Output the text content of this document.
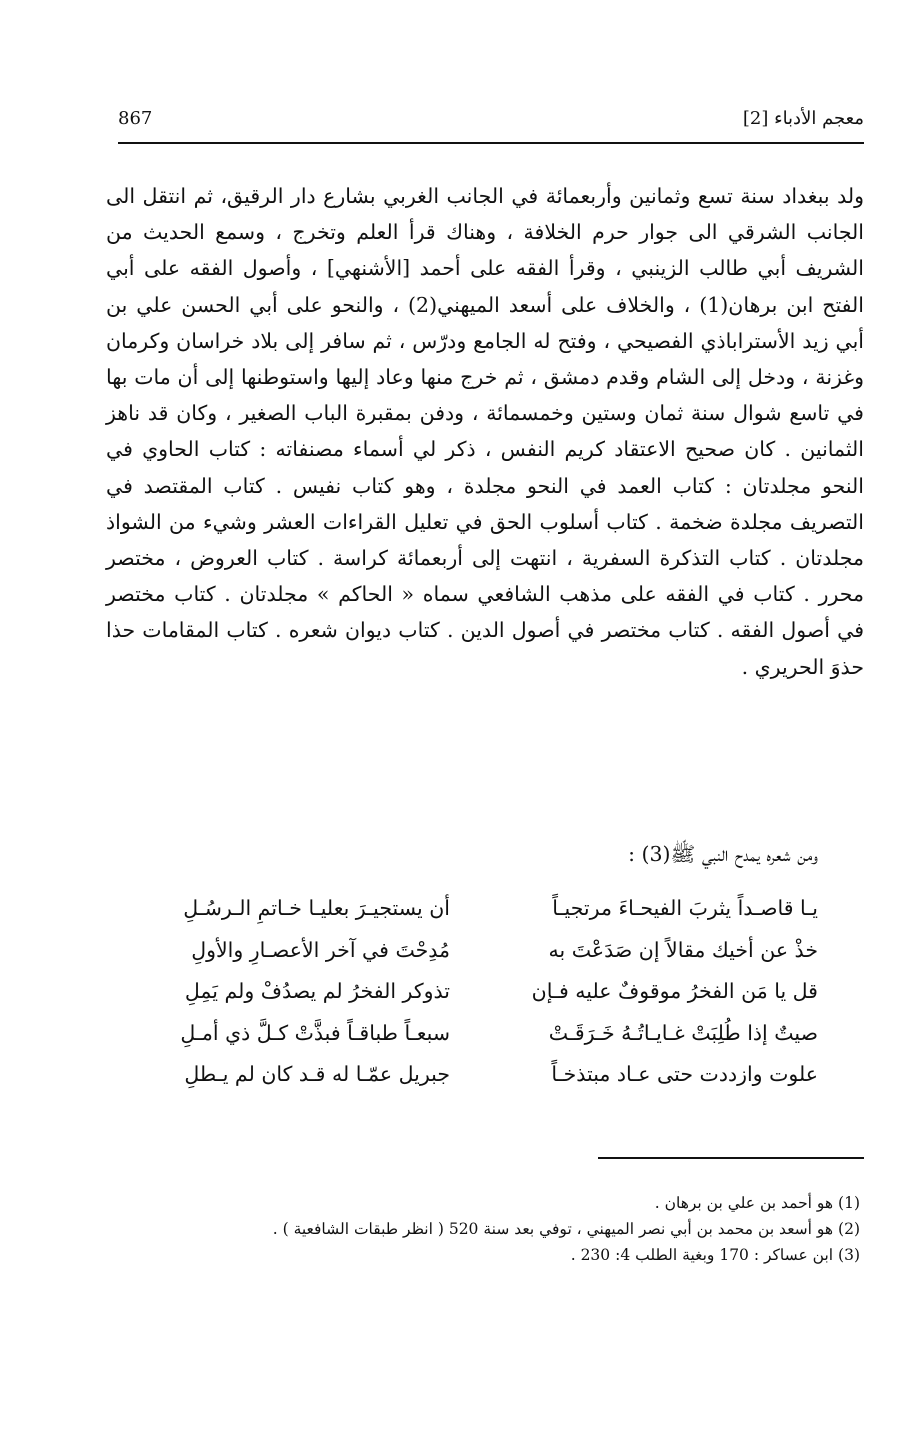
867	معجم الأدباء [2]

ولد ببغداد سنة تسع وثمانين وأربعمائة في الجانب الغربي بشارع دار الرقيق، ثم انتقل الى الجانب الشرقي الى جوار حرم الخلافة ، وهناك قرأ العلم وتخرج ، وسمع الحديث من الشريف أبي طالب الزينبي ، وقرأ الفقه على أحمد [الأشنهي] ، وأصول الفقه على أبي الفتح ابن برهان(1) ، والخلاف على أسعد الميهني(2) ، والنحو على أبي الحسن علي بن أبي زيد الأستراباذي الفصيحي ، وفتح له الجامع ودرّس ، ثم سافر إلى بلاد خراسان وكرمان وغزنة ، ودخل إلى الشام وقدم دمشق ، ثم خرج منها وعاد إليها واستوطنها إلى أن مات بها في تاسع شوال سنة ثمان وستين وخمسمائة ، ودفن بمقبرة الباب الصغير ، وكان قد ناهز الثمانين . كان صحيح الاعتقاد كريم النفس ، ذكر لي أسماء مصنفاته : كتاب الحاوي في النحو مجلدتان : كتاب العمد في النحو مجلدة ، وهو كتاب نفيس . كتاب المقتصد في التصريف مجلدة ضخمة . كتاب أسلوب الحق في تعليل القراءات العشر وشيء من الشواذ مجلدتان . كتاب التذكرة السفرية ، انتهت إلى أربعمائة كراسة . كتاب العروض ، مختصر محرر . كتاب في الفقه على مذهب الشافعي سماه « الحاكم » مجلدتان . كتاب مختصر في أصول الفقه . كتاب مختصر في أصول الدين . كتاب ديوان شعره . كتاب المقامات حذا حذوَ الحريري .

ومن شعره يمدح النبي ﷺ(3) :
يـا قاصـداً يثربَ الفيحـاءَ مرتجيـاً
أن يستجيـرَ بعليـا خـاتمِ الـرسُـلِ
خذْ عن أخيك مقالاً إن صَدَعْتَ به
مُدِحْتَ في آخر الأعصـارِ والأولِ
قل يا مَن الفخرُ موقوفٌ عليه فـإن
تذوكر الفخرُ لم يصدُفْ ولم يَمِلِ
صيتٌ إذا طُلِبَتْ غـايـاتُـهُ خَـرَقَـتْ
سبعـاً طباقـاً فبذَّتْ كـلَّ ذي أمـلِ
علوت وازددت حتى عـاد مبتذخـاً
جبريل عمّـا له قـد كان لم يـطلِ

(1) هو أحمد بن علي بن برهان .

(2) هو أسعد بن محمد بن أبي نصر الميهني ، توفي بعد سنة 520 ( انظر طبقات الشافعية ) .

(3) ابن عساكر : 170 وبغية الطلب 4: 230 .
